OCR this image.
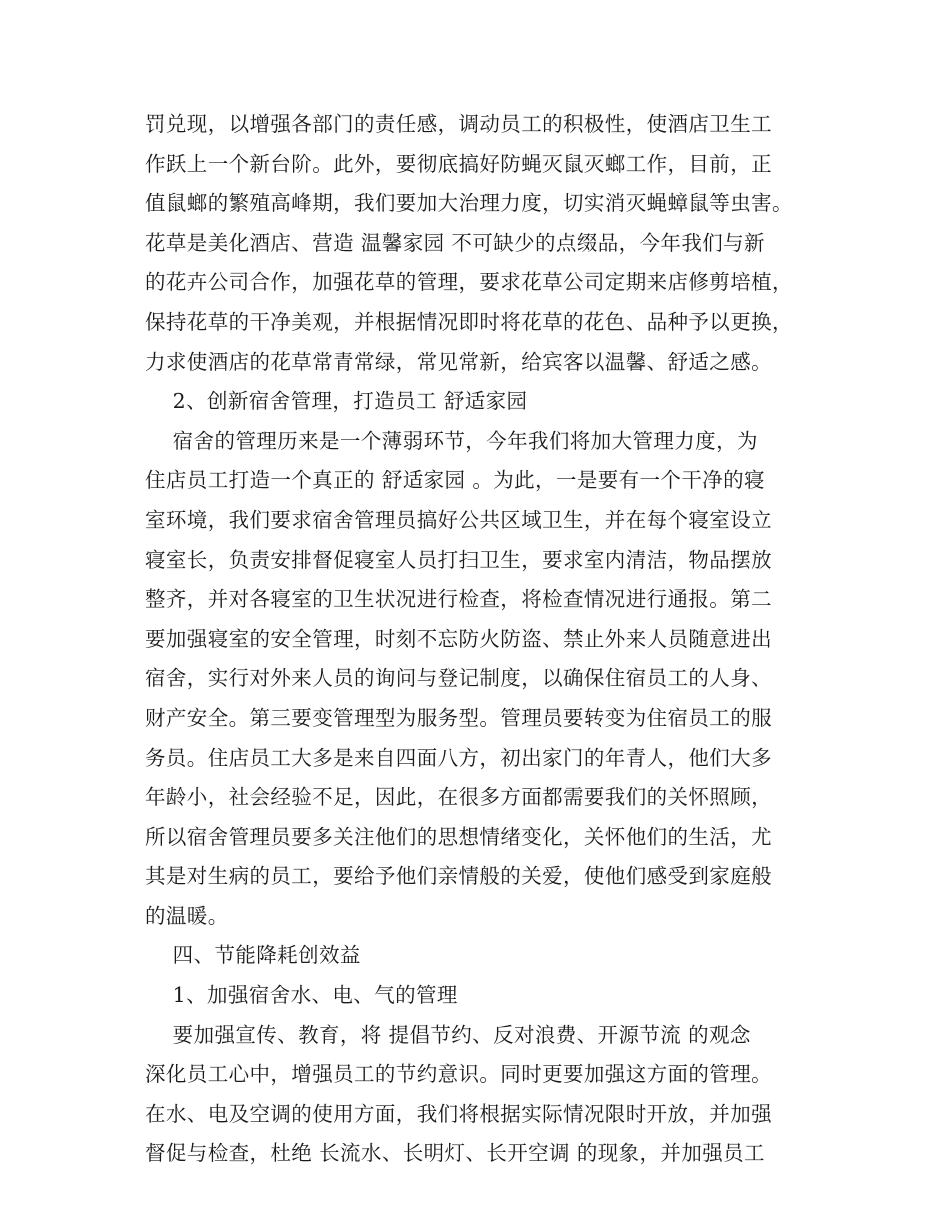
罚兑现，以增强各部门的责任感，调动员工的积极性，使酒店卫生工
作跃上一个新台阶。此外，要彻底搞好防蝇灭鼠灭螂工作，目前，正
值鼠螂的繁殖高峰期，我们要加大治理力度，切实消灭蝇蟑鼠等虫害。
花草是美化酒店、营造 温馨家园 不可缺少的点缀品，今年我们与新
的花卉公司合作，加强花草的管理，要求花草公司定期来店修剪培植，
保持花草的干净美观，并根据情况即时将花草的花色、品种予以更换，
力求使酒店的花草常青常绿，常见常新，给宾客以温馨、舒适之感。
2、创新宿舍管理，打造员工 舒适家园
宿舍的管理历来是一个薄弱环节，今年我们将加大管理力度，为
住店员工打造一个真正的 舒适家园 。为此，一是要有一个干净的寝
室环境，我们要求宿舍管理员搞好公共区域卫生，并在每个寝室设立
寝室长，负责安排督促寝室人员打扫卫生，要求室内清洁，物品摆放
整齐，并对各寝室的卫生状况进行检查，将检查情况进行通报。第二
要加强寝室的安全管理，时刻不忘防火防盗、禁止外来人员随意进出
宿舍，实行对外来人员的询问与登记制度，以确保住宿员工的人身、
财产安全。第三要变管理型为服务型。管理员要转变为住宿员工的服
务员。住店员工大多是来自四面八方，初出家门的年青人，他们大多
年龄小，社会经验不足，因此，在很多方面都需要我们的关怀照顾，
所以宿舍管理员要多关注他们的思想情绪变化，关怀他们的生活，尤
其是对生病的员工，要给予他们亲情般的关爱，使他们感受到家庭般
的温暖。
四、节能降耗创效益
1、加强宿舍水、电、气的管理
要加强宣传、教育，将 提倡节约、反对浪费、开源节流 的观念
深化员工心中，增强员工的节约意识。同时更要加强这方面的管理。
在水、电及空调的使用方面，我们将根据实际情况限时开放，并加强
督促与检查，杜绝 长流水、长明灯、长开空调 的现象，并加强员工
